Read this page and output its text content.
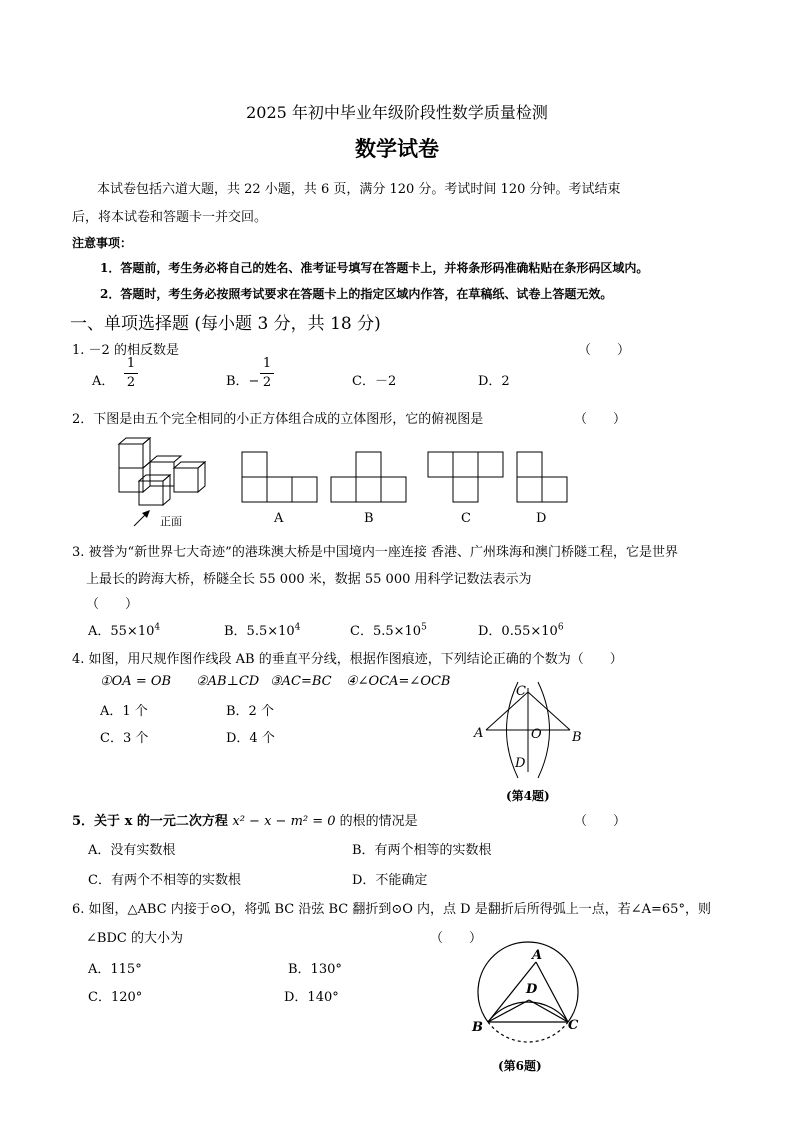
2025 年初中毕业年级阶段性数学质量检测
数学试卷
本试卷包括六道大题，共 22 小题，共 6 页，满分 120 分。考试时间 120 分钟。考试结束
后，将本试卷和答题卡一并交回。
注意事项：
1．答题前，考生务必将自己的姓名、准考证号填写在答题卡上，并将条形码准确粘贴在条形码区域内。
2．答题时，考生务必按照考试要求在答题卡上的指定区域内作答，在草稿纸、试卷上答题无效。
一、单项选择题 (每小题 3 分，共 18 分)
1. －2 的相反数是	（　　）
A．
1
2	B．−
1
2	C．－2	D．2
2．下图是由五个完全相同的小正方体组合成的立体图形，它的俯视图是	（　　）
正面	A	B	C	D
3. 被誉为“新世界七大奇迹”的港珠澳大桥是中国境内一座连接 香港、广州珠海和澳门桥隧工程，它是世界
上最长的跨海大桥，桥隧全长 55 000 米，数据 55 000 用科学记数法表示为
（　　）
A．$55\times 10^4$	B．$5.5\times 10^4$	C．$5.5\times 10^5$	D．$0.55\times 10^6$
4. 如图，用尺规作图作线段 AB 的垂直平分线，根据作图痕迹，下列结论正确的个数为（　　）
①OA = OB ②AB⊥CD ③AC=BC ④∠OCA=∠OCB
A．1 个	B．2 个
C．3 个	D．4 个	A	B
C
D
O
(第4题)
5．关于 x 的一元二次方程 x² − x − m² = 0 的根的情况是	（　　）
A．没有实数根	B．有两个相等的实数根
C．有两个不相等的实数根	D．不能确定
6. 如图，△ABC 内接于⊙O，将弧 BC 沿弦 BC 翻折到⊙O 内，点 D 是翻折后所得弧上一点，若∠A=65°，则
∠BDC 的大小为	（　　）
A．115°	B．130°
C．120°	D．140°
A
B	C
D
(第6题)
